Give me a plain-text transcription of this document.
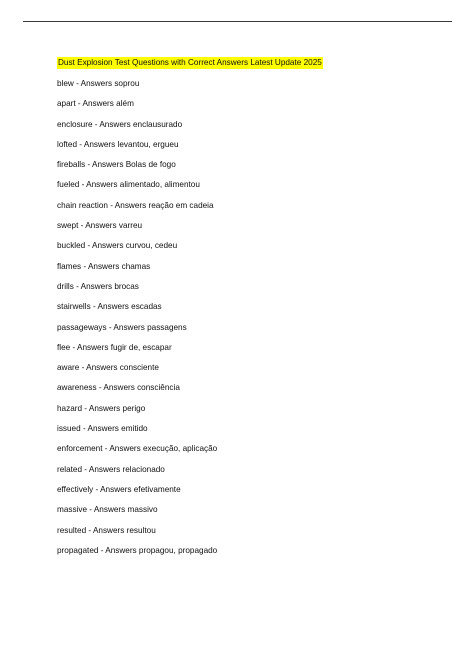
Dust Explosion Test Questions with Correct Answers Latest Update 2025
blew - Answers soprou
apart - Answers além
enclosure - Answers enclausurado
lofted - Answers levantou, ergueu
fireballs - Answers Bolas de fogo
fueled - Answers alimentado, alimentou
chain reaction - Answers reação em cadeia
swept - Answers varreu
buckled - Answers curvou, cedeu
flames - Answers chamas
drills - Answers brocas
stairwells - Answers escadas
passageways - Answers passagens
flee - Answers fugir de, escapar
aware - Answers consciente
awareness - Answers consciência
hazard - Answers perigo
issued - Answers emitido
enforcement - Answers execução, aplicação
related - Answers relacionado
effectively - Answers efetivamente
massive - Answers massivo
resulted - Answers resultou
propagated - Answers propagou, propagado
